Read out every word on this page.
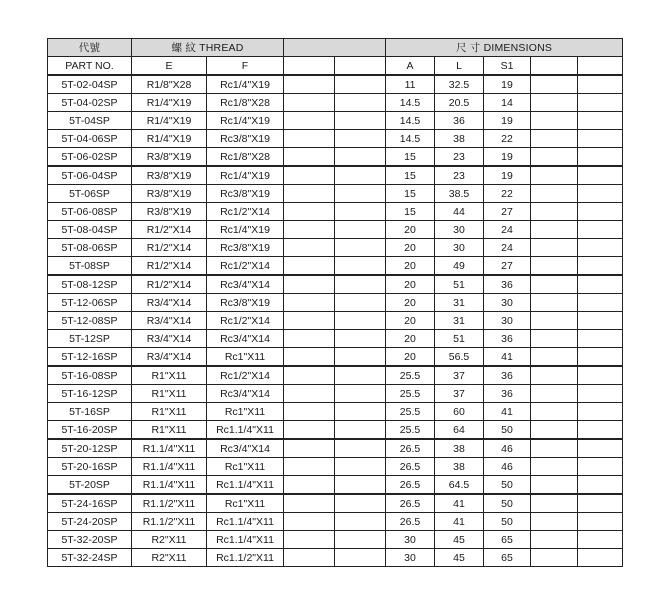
代號	螺 紋 THREAD				尺 寸 DIMENSIONS				
PART NO.	E	F			A	L	S1		
5T-02-04SP	R1/8"X28	Rc1/4"X19			11	32.5	19		
5T-04-02SP	R1/4"X19	Rc1/8"X28			14.5	20.5	14		
5T-04SP	R1/4"X19	Rc1/4"X19			14.5	36	19		
5T-04-06SP	R1/4"X19	Rc3/8"X19			14.5	38	22		
5T-06-02SP	R3/8"X19	Rc1/8"X28			15	23	19		
5T-06-04SP	R3/8"X19	Rc1/4"X19			15	23	19		
5T-06SP	R3/8"X19	Rc3/8"X19			15	38.5	22		
5T-06-08SP	R3/8"X19	Rc1/2"X14			15	44	27		
5T-08-04SP	R1/2"X14	Rc1/4"X19			20	30	24		
5T-08-06SP	R1/2"X14	Rc3/8"X19			20	30	24		
5T-08SP	R1/2"X14	Rc1/2"X14			20	49	27		
5T-08-12SP	R1/2"X14	Rc3/4"X14			20	51	36		
5T-12-06SP	R3/4"X14	Rc3/8"X19			20	31	30		
5T-12-08SP	R3/4"X14	Rc1/2"X14			20	31	30		
5T-12SP	R3/4"X14	Rc3/4"X14			20	51	36		
5T-12-16SP	R3/4"X14	Rc1"X11			20	56.5	41		
5T-16-08SP	R1"X11	Rc1/2"X14			25.5	37	36		
5T-16-12SP	R1"X11	Rc3/4"X14			25.5	37	36		
5T-16SP	R1"X11	Rc1"X11			25.5	60	41		
5T-16-20SP	R1"X11	Rc1.1/4"X11			25.5	64	50		
5T-20-12SP	R1.1/4"X11	Rc3/4"X14			26.5	38	46		
5T-20-16SP	R1.1/4"X11	Rc1"X11			26.5	38	46		
5T-20SP	R1.1/4"X11	Rc1.1/4"X11			26.5	64.5	50		
5T-24-16SP	R1.1/2"X11	Rc1"X11			26.5	41	50		
5T-24-20SP	R1.1/2"X11	Rc1.1/4"X11			26.5	41	50		
5T-32-20SP	R2"X11	Rc1.1/4"X11			30	45	65		
5T-32-24SP	R2"X11	Rc1.1/2"X11			30	45	65		
